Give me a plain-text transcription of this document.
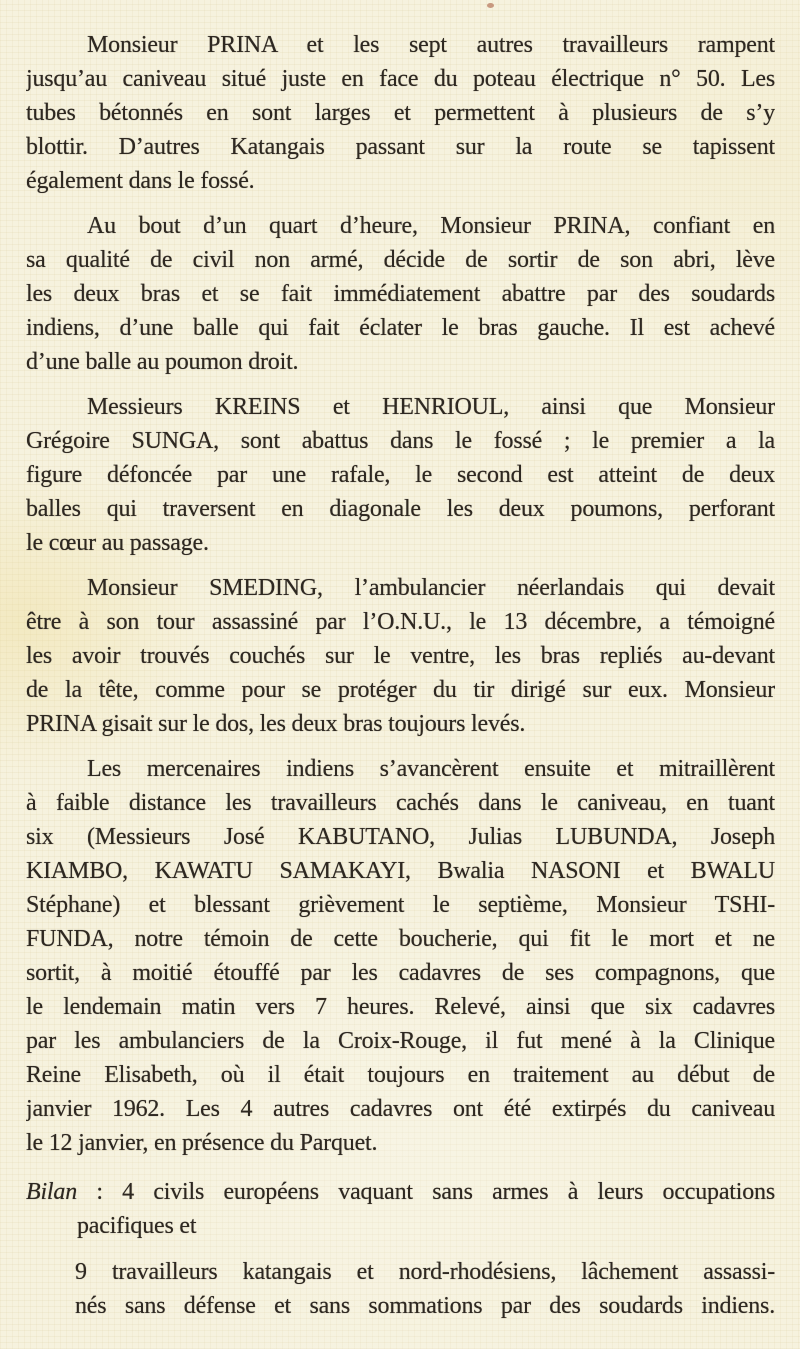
Monsieur PRINA et les sept autres travailleurs rampent
jusqu’au caniveau situé juste en face du poteau électrique n° 50. Les
tubes bétonnés en sont larges et permettent à plusieurs de s’y
blottir. D’autres Katangais passant sur la route se tapissent
également dans le fossé.
Au bout d’un quart d’heure, Monsieur PRINA, confiant en
sa qualité de civil non armé, décide de sortir de son abri, lève
les deux bras et se fait immédiatement abattre par des soudards
indiens, d’une balle qui fait éclater le bras gauche. Il est achevé
d’une balle au poumon droit.
Messieurs KREINS et HENRIOUL, ainsi que Monsieur
Grégoire SUNGA, sont abattus dans le fossé ; le premier a la
figure défoncée par une rafale, le second est atteint de deux
balles qui traversent en diagonale les deux poumons, perforant
le cœur au passage.
Monsieur SMEDING, l’ambulancier néerlandais qui devait
être à son tour assassiné par l’O.N.U., le 13 décembre, a témoigné
les avoir trouvés couchés sur le ventre, les bras repliés au-devant
de la tête, comme pour se protéger du tir dirigé sur eux. Monsieur
PRINA gisait sur le dos, les deux bras toujours levés.
Les mercenaires indiens s’avancèrent ensuite et mitraillèrent
à faible distance les travailleurs cachés dans le caniveau, en tuant
six (Messieurs José KABUTANO, Julias LUBUNDA, Joseph
KIAMBO, KAWATU SAMAKAYI, Bwalia NASONI et BWALU
Stéphane) et blessant grièvement le septième, Monsieur TSHI-
FUNDA, notre témoin de cette boucherie, qui fit le mort et ne
sortit, à moitié étouffé par les cadavres de ses compagnons, que
le lendemain matin vers 7 heures. Relevé, ainsi que six cadavres
par les ambulanciers de la Croix-Rouge, il fut mené à la Clinique
Reine Elisabeth, où il était toujours en traitement au début de
janvier 1962. Les 4 autres cadavres ont été extirpés du caniveau
le 12 janvier, en présence du Parquet.
Bilan : 4 civils européens vaquant sans armes à leurs occupations
pacifiques et
9 travailleurs katangais et nord-rhodésiens, lâchement assassi-
nés sans défense et sans sommations par des soudards indiens.
